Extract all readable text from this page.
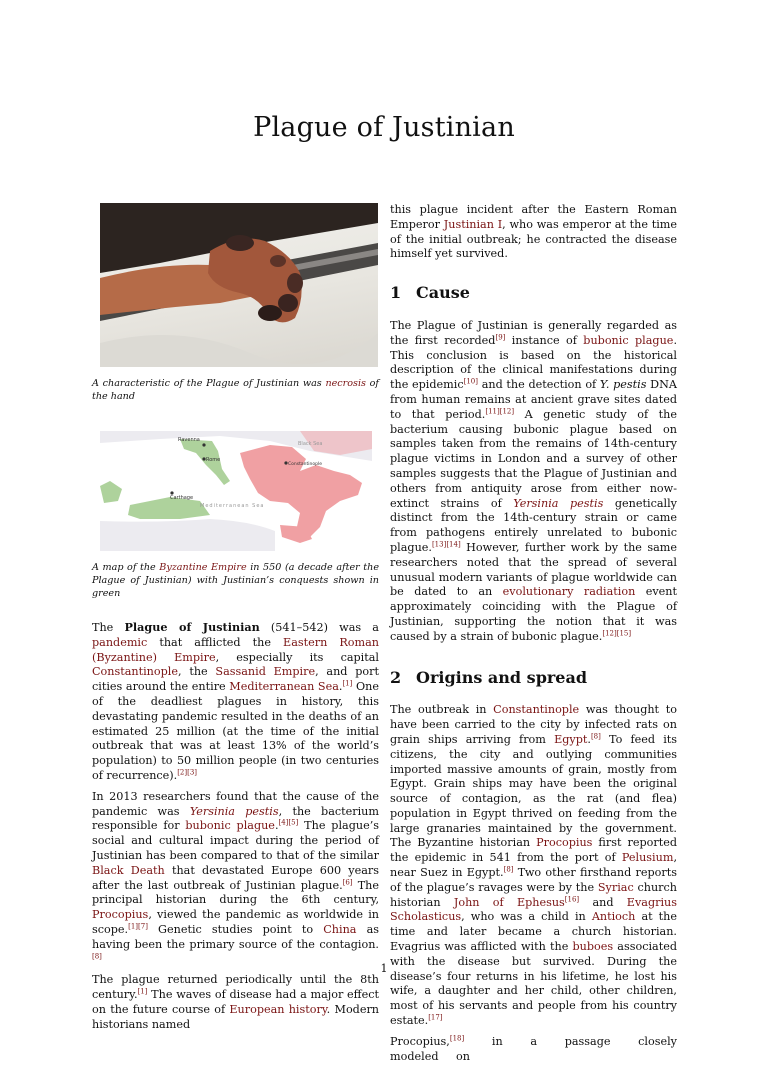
Plague of Justinian

A characteristic of the Plague of Justinian was necrosis of the hand

Ravenna
Rome
Constantinople
Carthage
Black Sea
Mediterranean Sea

A map of the Byzantine Empire in 550 (a decade after the Plague of Justinian) with Justinian’s conquests shown in green

The Plague of Justinian (541–542) was a pandemic that afflicted the Eastern Roman (Byzantine) Empire, especially its capital Constantinople, the Sassanid Empire, and port cities around the entire Mediterranean Sea.[1] One of the deadliest plagues in history, this devastating pandemic resulted in the deaths of an estimated 25 million (at the time of the initial outbreak that was at least 13% of the world’s population) to 50 million people (in two centuries of recurrence).[2][3]

In 2013 researchers found that the cause of the pandemic was Yersinia pestis, the bacterium responsible for bubonic plague.[4][5] The plague’s social and cultural impact during the period of Justinian has been compared to that of the similar Black Death that devastated Europe 600 years after the last outbreak of Justinian plague.[6] The principal historian during the 6th century, Procopius, viewed the pandemic as worldwide in scope.[1][7] Genetic studies point to China as having been the primary source of the contagion.[8]

The plague returned periodically until the 8th century.[1] The waves of disease had a major effect on the future course of European history. Modern historians named

this plague incident after the Eastern Roman Emperor Justinian I, who was emperor at the time of the initial outbreak; he contracted the disease himself yet survived.

1 Cause

The Plague of Justinian is generally regarded as the first recorded[9] instance of bubonic plague. This conclusion is based on the historical description of the clinical manifestations during the epidemic[10] and the detection of Y. pestis DNA from human remains at ancient grave sites dated to that period.[11][12] A genetic study of the bacterium causing bubonic plague based on samples taken from the remains of 14th-century plague victims in London and a survey of other samples suggests that the Plague of Justinian and others from antiquity arose from either now-extinct strains of Yersinia pestis genetically distinct from the 14th-century strain or came from pathogens entirely unrelated to bubonic plague.[13][14] However, further work by the same researchers noted that the spread of several unusual modern variants of plague worldwide can be dated to an evolutionary radiation event approximately coinciding with the Plague of Justinian, supporting the notion that it was caused by a strain of bubonic plague.[12][15]

2 Origins and spread

The outbreak in Constantinople was thought to have been carried to the city by infected rats on grain ships arriving from Egypt.[8] To feed its citizens, the city and outlying communities imported massive amounts of grain, mostly from Egypt. Grain ships may have been the original source of contagion, as the rat (and flea) population in Egypt thrived on feeding from the large granaries maintained by the government. The Byzantine historian Procopius first reported the epidemic in 541 from the port of Pelusium, near Suez in Egypt.[8] Two other firsthand reports of the plague’s ravages were by the Syriac church historian John of Ephesus[16] and Evagrius Scholasticus, who was a child in Antioch at the time and later became a church historian. Evagrius was afflicted with the buboes associated with the disease but survived. During the disease’s four returns in his lifetime, he lost his wife, a daughter and her child, other children, most of his servants and people from his country estate.[17]

Procopius,[18] in a passage closely modeled on

1
